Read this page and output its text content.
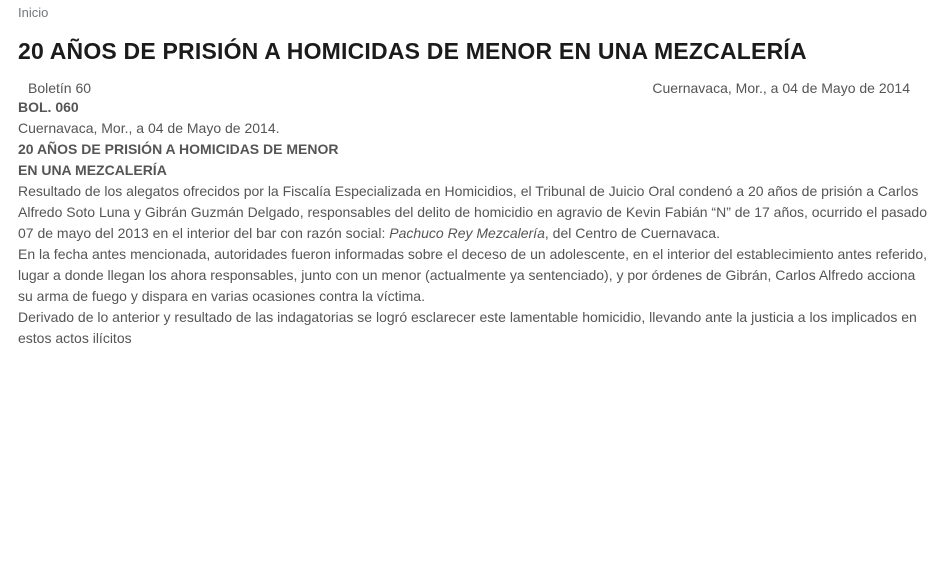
Inicio
20 AÑOS DE PRISIÓN A HOMICIDAS DE MENOR EN UNA MEZCALERÍA
Boletín 60	Cuernavaca, Mor., a 04 de Mayo de 2014

BOL. 060

Cuernavaca, Mor., a 04 de Mayo de 2014.

20 AÑOS DE PRISIÓN A HOMICIDAS DE MENOR

EN UNA MEZCALERÍA

Resultado de los alegatos ofrecidos por la Fiscalía Especializada en Homicidios, el Tribunal de Juicio Oral condenó a 20 años de prisión a Carlos Alfredo Soto Luna y Gibrán Guzmán Delgado, responsables del delito de homicidio en agravio de Kevin Fabián “N” de 17 años, ocurrido el pasado 07 de mayo del 2013 en el interior del bar con razón social: Pachuco Rey Mezcalería, del Centro de Cuernavaca.

En la fecha antes mencionada, autoridades fueron informadas sobre el deceso de un adolescente, en el interior del establecimiento antes referido, lugar a donde llegan los ahora responsables, junto con un menor (actualmente ya sentenciado), y por órdenes de Gibrán, Carlos Alfredo acciona su arma de fuego y dispara en varias ocasiones contra la víctima.

Derivado de lo anterior y resultado de las indagatorias se logró esclarecer este lamentable homicidio, llevando ante la justicia a los implicados en estos actos ilícitos
